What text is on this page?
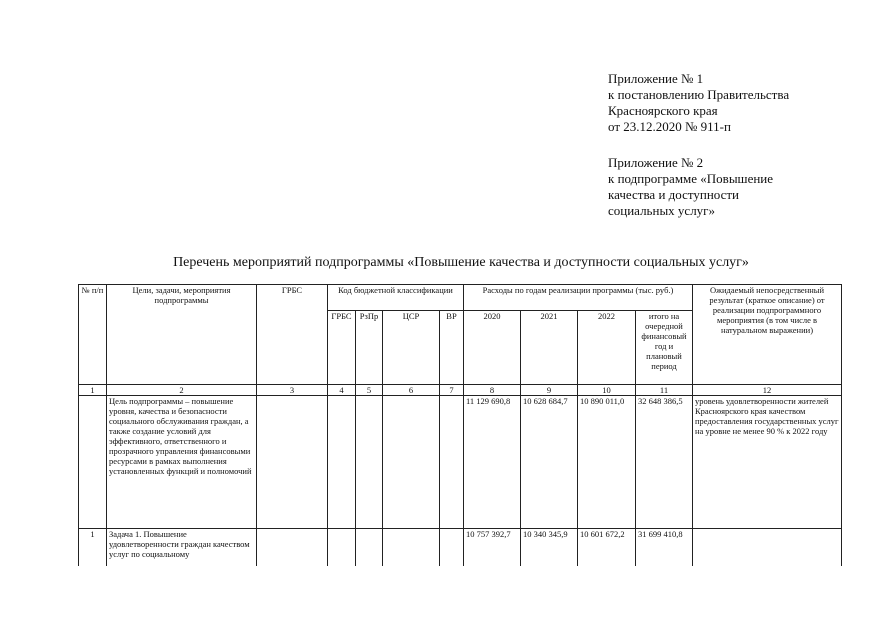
Приложение № 1
к постановлению Правительства
Красноярского края
от 23.12.2020 № 911-п
Приложение № 2
к подпрограмме «Повышение
качества и доступности
социальных услуг»
Перечень мероприятий подпрограммы «Повышение качества и доступности социальных услуг»
№ п/п	Цели, задачи, мероприятия подпрограммы	ГРБС	Код бюджетной классификации				Расходы по годам реализации программы (тыс. руб.)				Ожидаемый непосредственный результат (краткое описание) от реализации подпрограммного мероприятия (в том числе в натуральном выражении)
			ГРБС	РзПр	ЦСР	ВР	2020	2021	2022	итого на очередной финансовый год и плановый период	
1	2	3	4	5	6	7	8	9	10	11	12
	Цель подпрограммы – повышение уровня, качества и безопасности социального обслуживания граждан, а также создание условий для эффективного, ответственного и прозрачного управления финансовыми ресурсами в рамках выполнения установленных функций и полномочий						11 129 690,8	10 628 684,7	10 890 011,0	32 648 386,5	уровень удовлетворенности жителей Красноярского края качеством предоставления государственных услуг на уровне не менее 90 % к 2022 году
1	Задача 1. Повышение удовлетворенности граждан качеством услуг по социальному						10 757 392,7	10 340 345,9	10 601 672,2	31 699 410,8	
